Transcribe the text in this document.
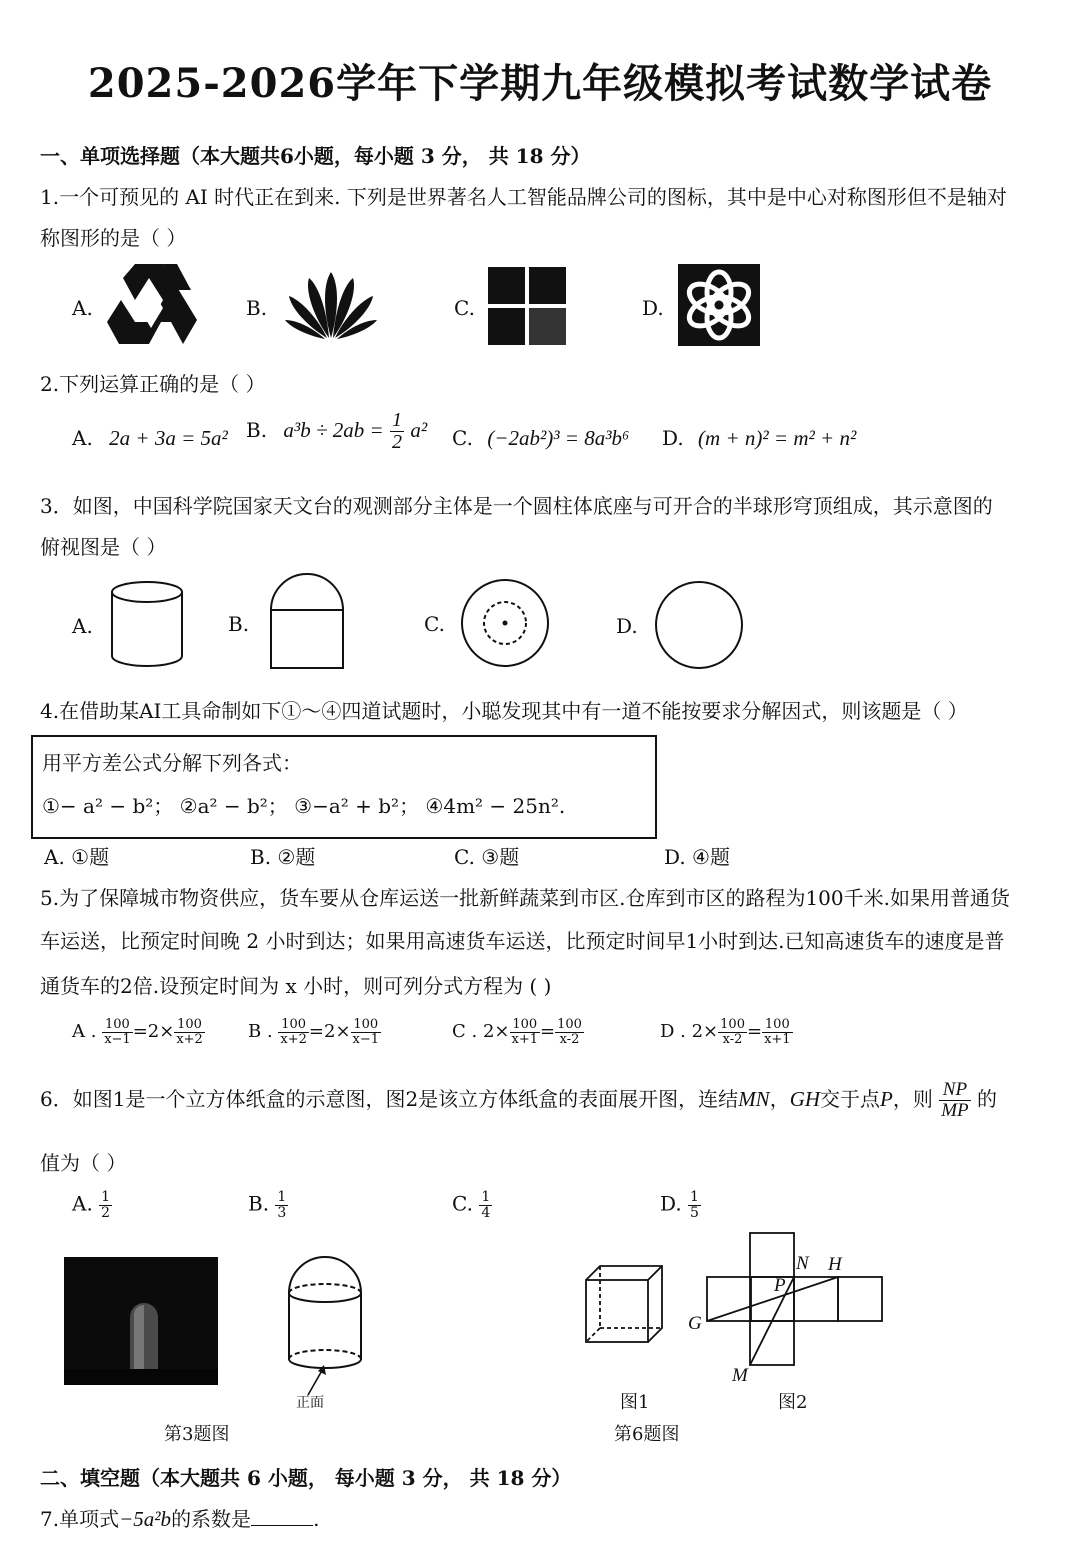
2025-2026学年下学期九年级模拟考试数学试卷
一、单项选择题（本大题共6小题，每小题 3 分， 共 18 分）
1.一个可预见的 AI 时代正在到来. 下列是世界著名人工智能品牌公司的图标，其中是中心对称图形但不是轴对
称图形的是（ ）
A.	B.	C.	D.
2.下列运算正确的是（ ）
A. 2a + 3a = 5a² B. $a^3b \div 2ab = \frac{1}{2} a^2$ C. (−2ab²)³ = 8a³b⁶ D. (m + n)² = m² + n²
3．如图，中国科学院国家天文台的观测部分主体是一个圆柱体底座与可开合的半球形穹顶组成，其示意图的
俯视图是（ ）
A.	B.	C.	D.
4.在借助某AI工具命制如下①～④四道试题时，小聪发现其中有一道不能按要求分解因式，则该题是（ ）
用平方差公式分解下列各式：
①− a² − b²； ②a² − b²； ③−a² + b²； ④4m² − 25n².
A. ①题	B. ②题	C. ③题	D. ④题
5.为了保障城市物资供应，货车要从仓库运送一批新鲜蔬菜到市区.仓库到市区的路程为100千米.如果用普通货
车运送，比预定时间晚 2 小时到达；如果用高速货车运送，比预定时间早1小时到达.已知高速货车的速度是普
通货车的2倍.设预定时间为 x 小时，则可列分式方程为 ( )
A . $\frac{100}{x-1} =2\times \frac{100}{x+2}$ B . $\frac{100}{x+2} =2\times \frac{100}{x-1}$	C . $2\times \frac{100}{x+1} = \frac{100}{x-2}$	D . $2\times \frac{100}{x-2} = \frac{100}{x+1}$
6．如图1是一个立方体纸盒的示意图，图2是该立方体纸盒的表面展开图，连结MN，GH交于点P，则 $\frac{NP}{MP}$ 的
值为（ ）
A. $\frac{1}{2}$	B. $\frac{1}{3}$	C. $\frac{1}{4}$	D. $\frac{1}{5}$
正面
第3题图
图1
N H
P
G
M
图2
第6题图
二、填空题（本大题共 6 小题， 每小题 3 分， 共 18 分）
7.单项式−5a²b的系数是	.
